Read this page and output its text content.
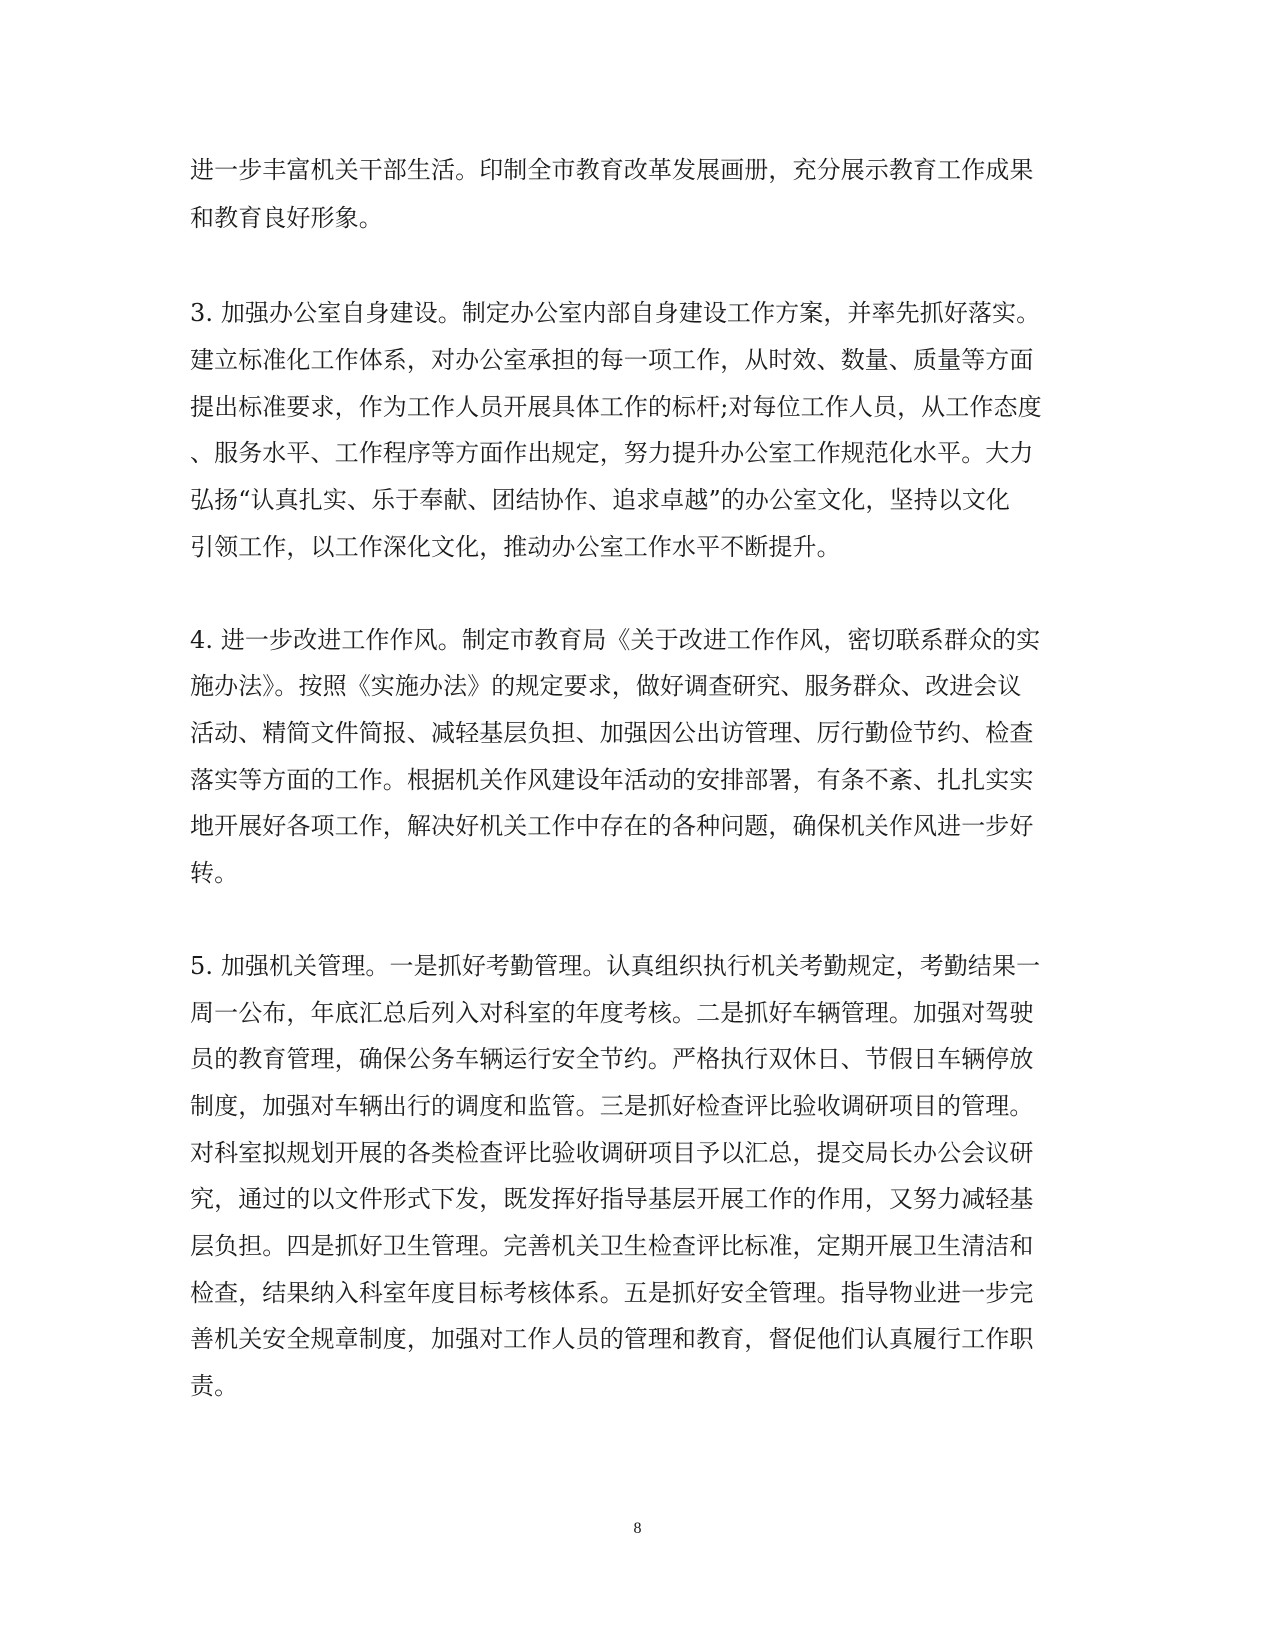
进一步丰富机关干部生活。印制全市教育改革发展画册，充分展示教育工作成果
和教育良好形象。
3. 加强办公室自身建设。制定办公室内部自身建设工作方案，并率先抓好落实。
建立标准化工作体系，对办公室承担的每一项工作，从时效、数量、质量等方面
提出标准要求，作为工作人员开展具体工作的标杆;对每位工作人员，从工作态度
、服务水平、工作程序等方面作出规定，努力提升办公室工作规范化水平。大力
弘扬“认真扎实、乐于奉献、团结协作、追求卓越”的办公室文化，坚持以文化
引领工作，以工作深化文化，推动办公室工作水平不断提升。
4. 进一步改进工作作风。制定市教育局《关于改进工作作风，密切联系群众的实
施办法》。按照《实施办法》的规定要求，做好调查研究、服务群众、改进会议
活动、精简文件简报、减轻基层负担、加强因公出访管理、厉行勤俭节约、检查
落实等方面的工作。根据机关作风建设年活动的安排部署，有条不紊、扎扎实实
地开展好各项工作，解决好机关工作中存在的各种问题，确保机关作风进一步好
转。
5. 加强机关管理。一是抓好考勤管理。认真组织执行机关考勤规定，考勤结果一
周一公布，年底汇总后列入对科室的年度考核。二是抓好车辆管理。加强对驾驶
员的教育管理，确保公务车辆运行安全节约。严格执行双休日、节假日车辆停放
制度，加强对车辆出行的调度和监管。三是抓好检查评比验收调研项目的管理。
对科室拟规划开展的各类检查评比验收调研项目予以汇总，提交局长办公会议研
究，通过的以文件形式下发，既发挥好指导基层开展工作的作用，又努力减轻基
层负担。四是抓好卫生管理。完善机关卫生检查评比标准，定期开展卫生清洁和
检查，结果纳入科室年度目标考核体系。五是抓好安全管理。指导物业进一步完
善机关安全规章制度，加强对工作人员的管理和教育，督促他们认真履行工作职
责。
8
